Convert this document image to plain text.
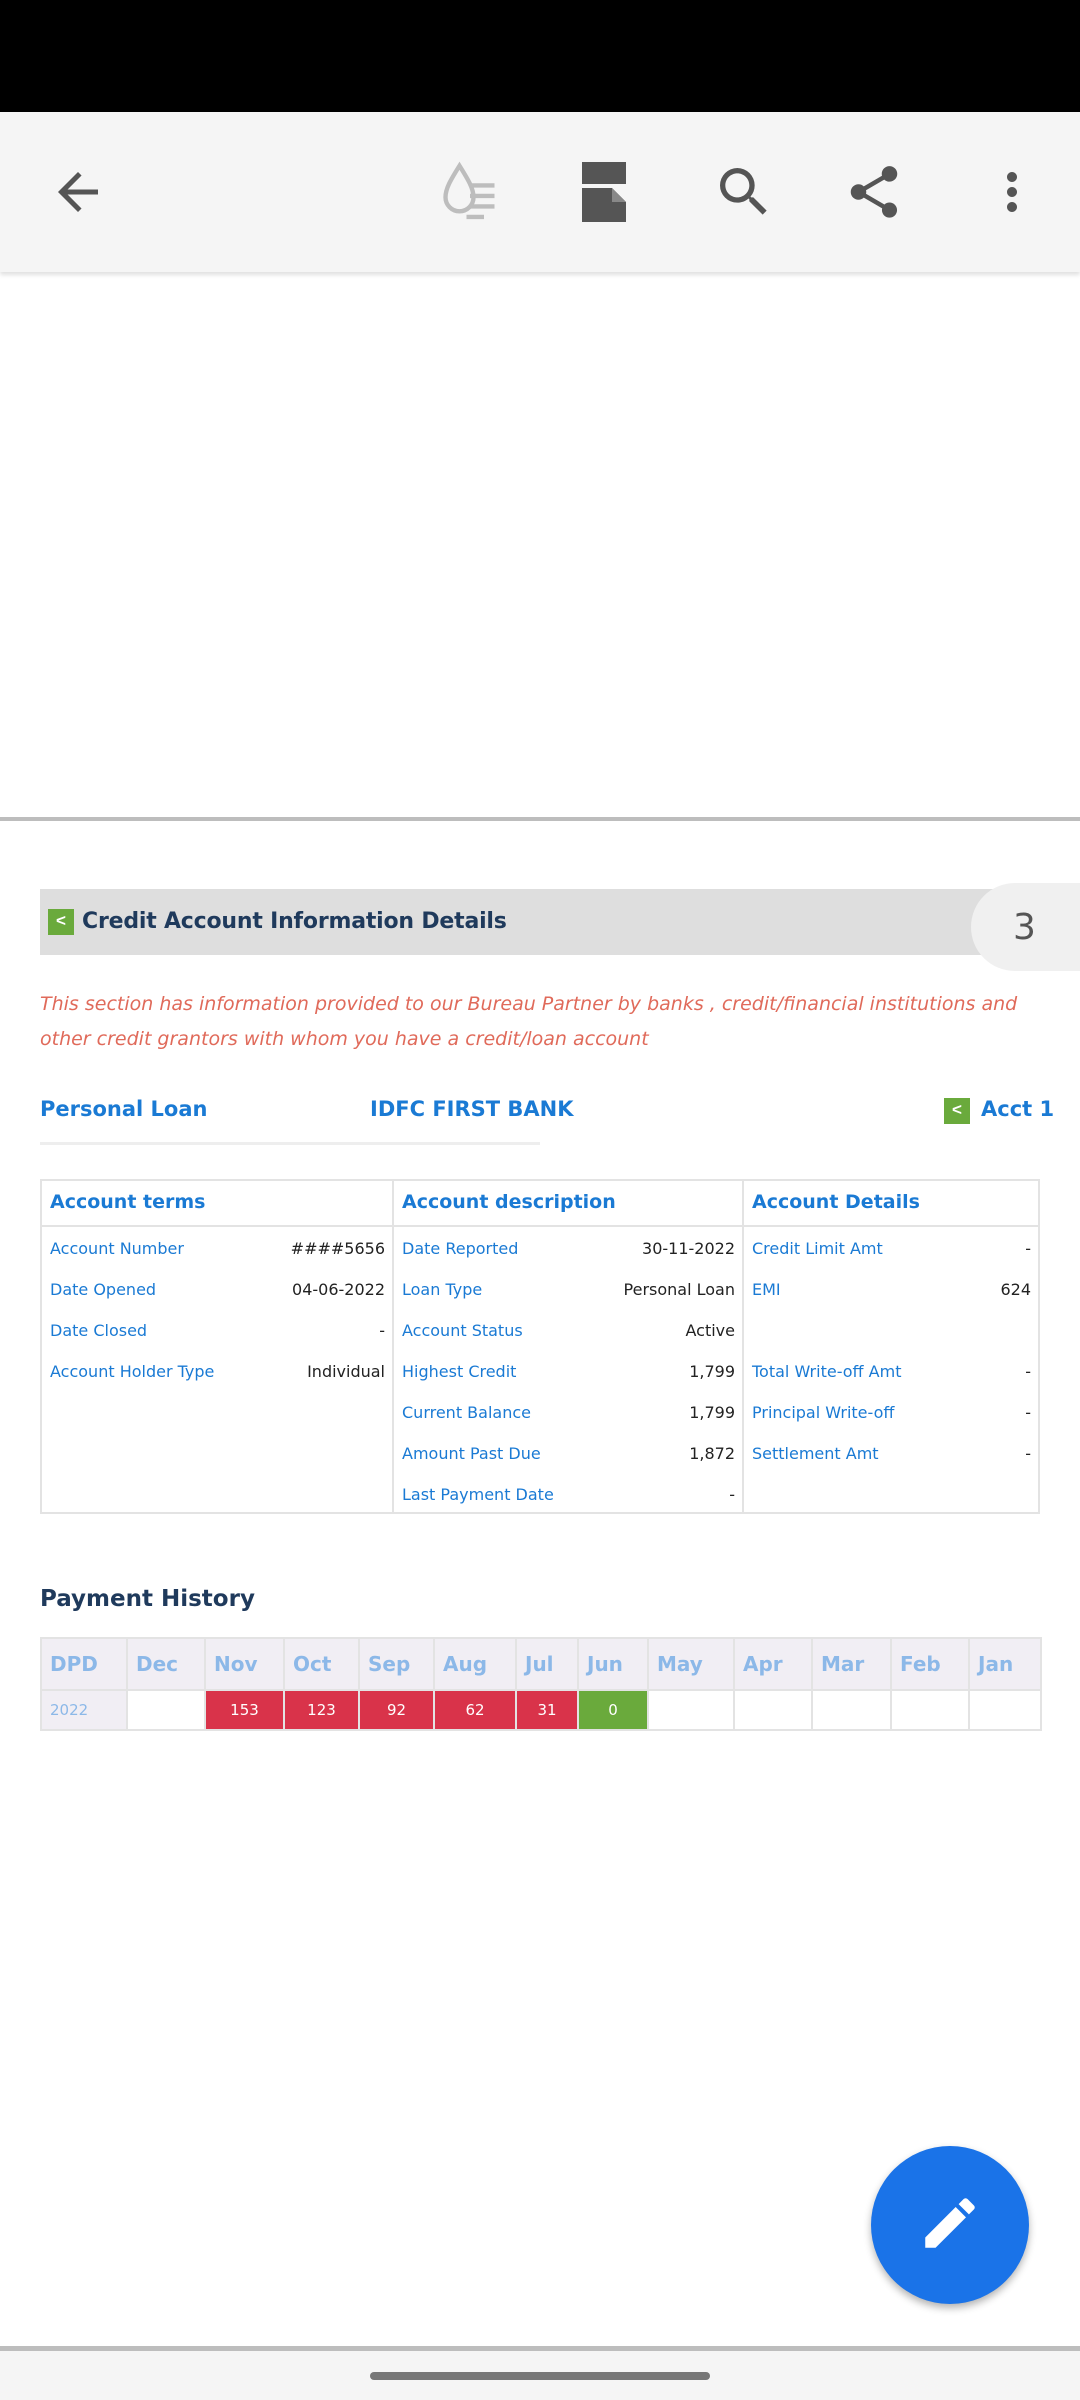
< Credit Account Information Details	3
This section has information provided to our Bureau Partner by banks , credit/financial institutions and other credit grantors with whom you have a credit/loan account
Personal Loan	IDFC FIRST BANK	< Acct 1
Account terms
Account Number	####5656
Date Opened	04-06-2022
Date Closed	-
Account Holder Type	Individual
Account description
Date Reported	30-11-2022
Loan Type	Personal Loan
Account Status	Active
Highest Credit	1,799
Current Balance	1,799
Amount Past Due	1,872
Last Payment Date	-
Account Details
Credit Limit Amt	-
EMI	624
Total Write-off Amt	-
Principal Write-off	-
Settlement Amt	-
Payment History
DPD	Dec	Nov	Oct	Sep	Aug	Jul	Jun	May	Apr	Mar	Feb	Jan
2022		153	123	92	62	31	0					
